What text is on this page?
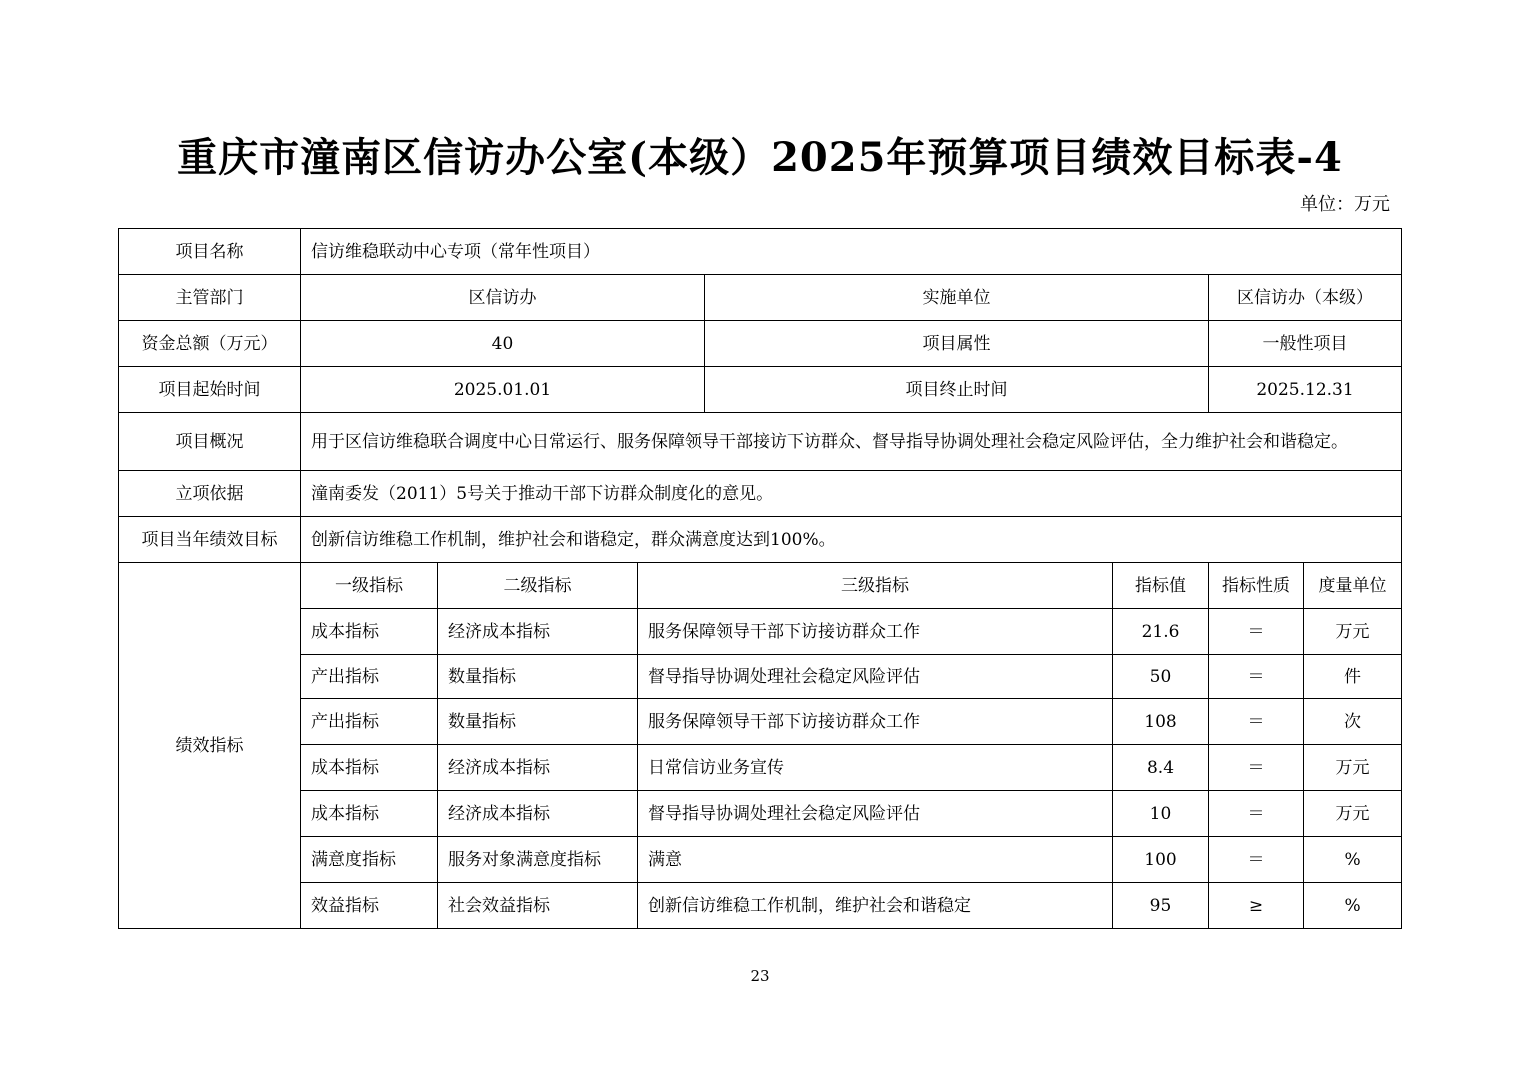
重庆市潼南区信访办公室(本级）2025年预算项目绩效目标表-4
单位：万元
项目名称	信访维稳联动中心专项（常年性项目）						
主管部门	区信访办			实施单位		区信访办（本级）	
资金总额（万元）	40			项目属性		一般性项目	
项目起始时间	2025.01.01			项目终止时间		2025.12.31	
项目概况	用于区信访维稳联合调度中心日常运行、服务保障领导干部接访下访群众、督导指导协调处理社会稳定风险评估，全力维护社会和谐稳定。						
立项依据	潼南委发（2011）5号关于推动干部下访群众制度化的意见。						
项目当年绩效目标	创新信访维稳工作机制，维护社会和谐稳定，群众满意度达到100%。						
绩效指标	一级指标	二级指标	三级指标		指标值	指标性质	度量单位
	成本指标	经济成本指标	服务保障领导干部下访接访群众工作		21.6	＝	万元
	产出指标	数量指标	督导指导协调处理社会稳定风险评估		50	＝	件
	产出指标	数量指标	服务保障领导干部下访接访群众工作		108	＝	次
	成本指标	经济成本指标	日常信访业务宣传		8.4	＝	万元
	成本指标	经济成本指标	督导指导协调处理社会稳定风险评估		10	＝	万元
	满意度指标	服务对象满意度指标	满意		100	＝	%
	效益指标	社会效益指标	创新信访维稳工作机制，维护社会和谐稳定		95	≥	%
23
